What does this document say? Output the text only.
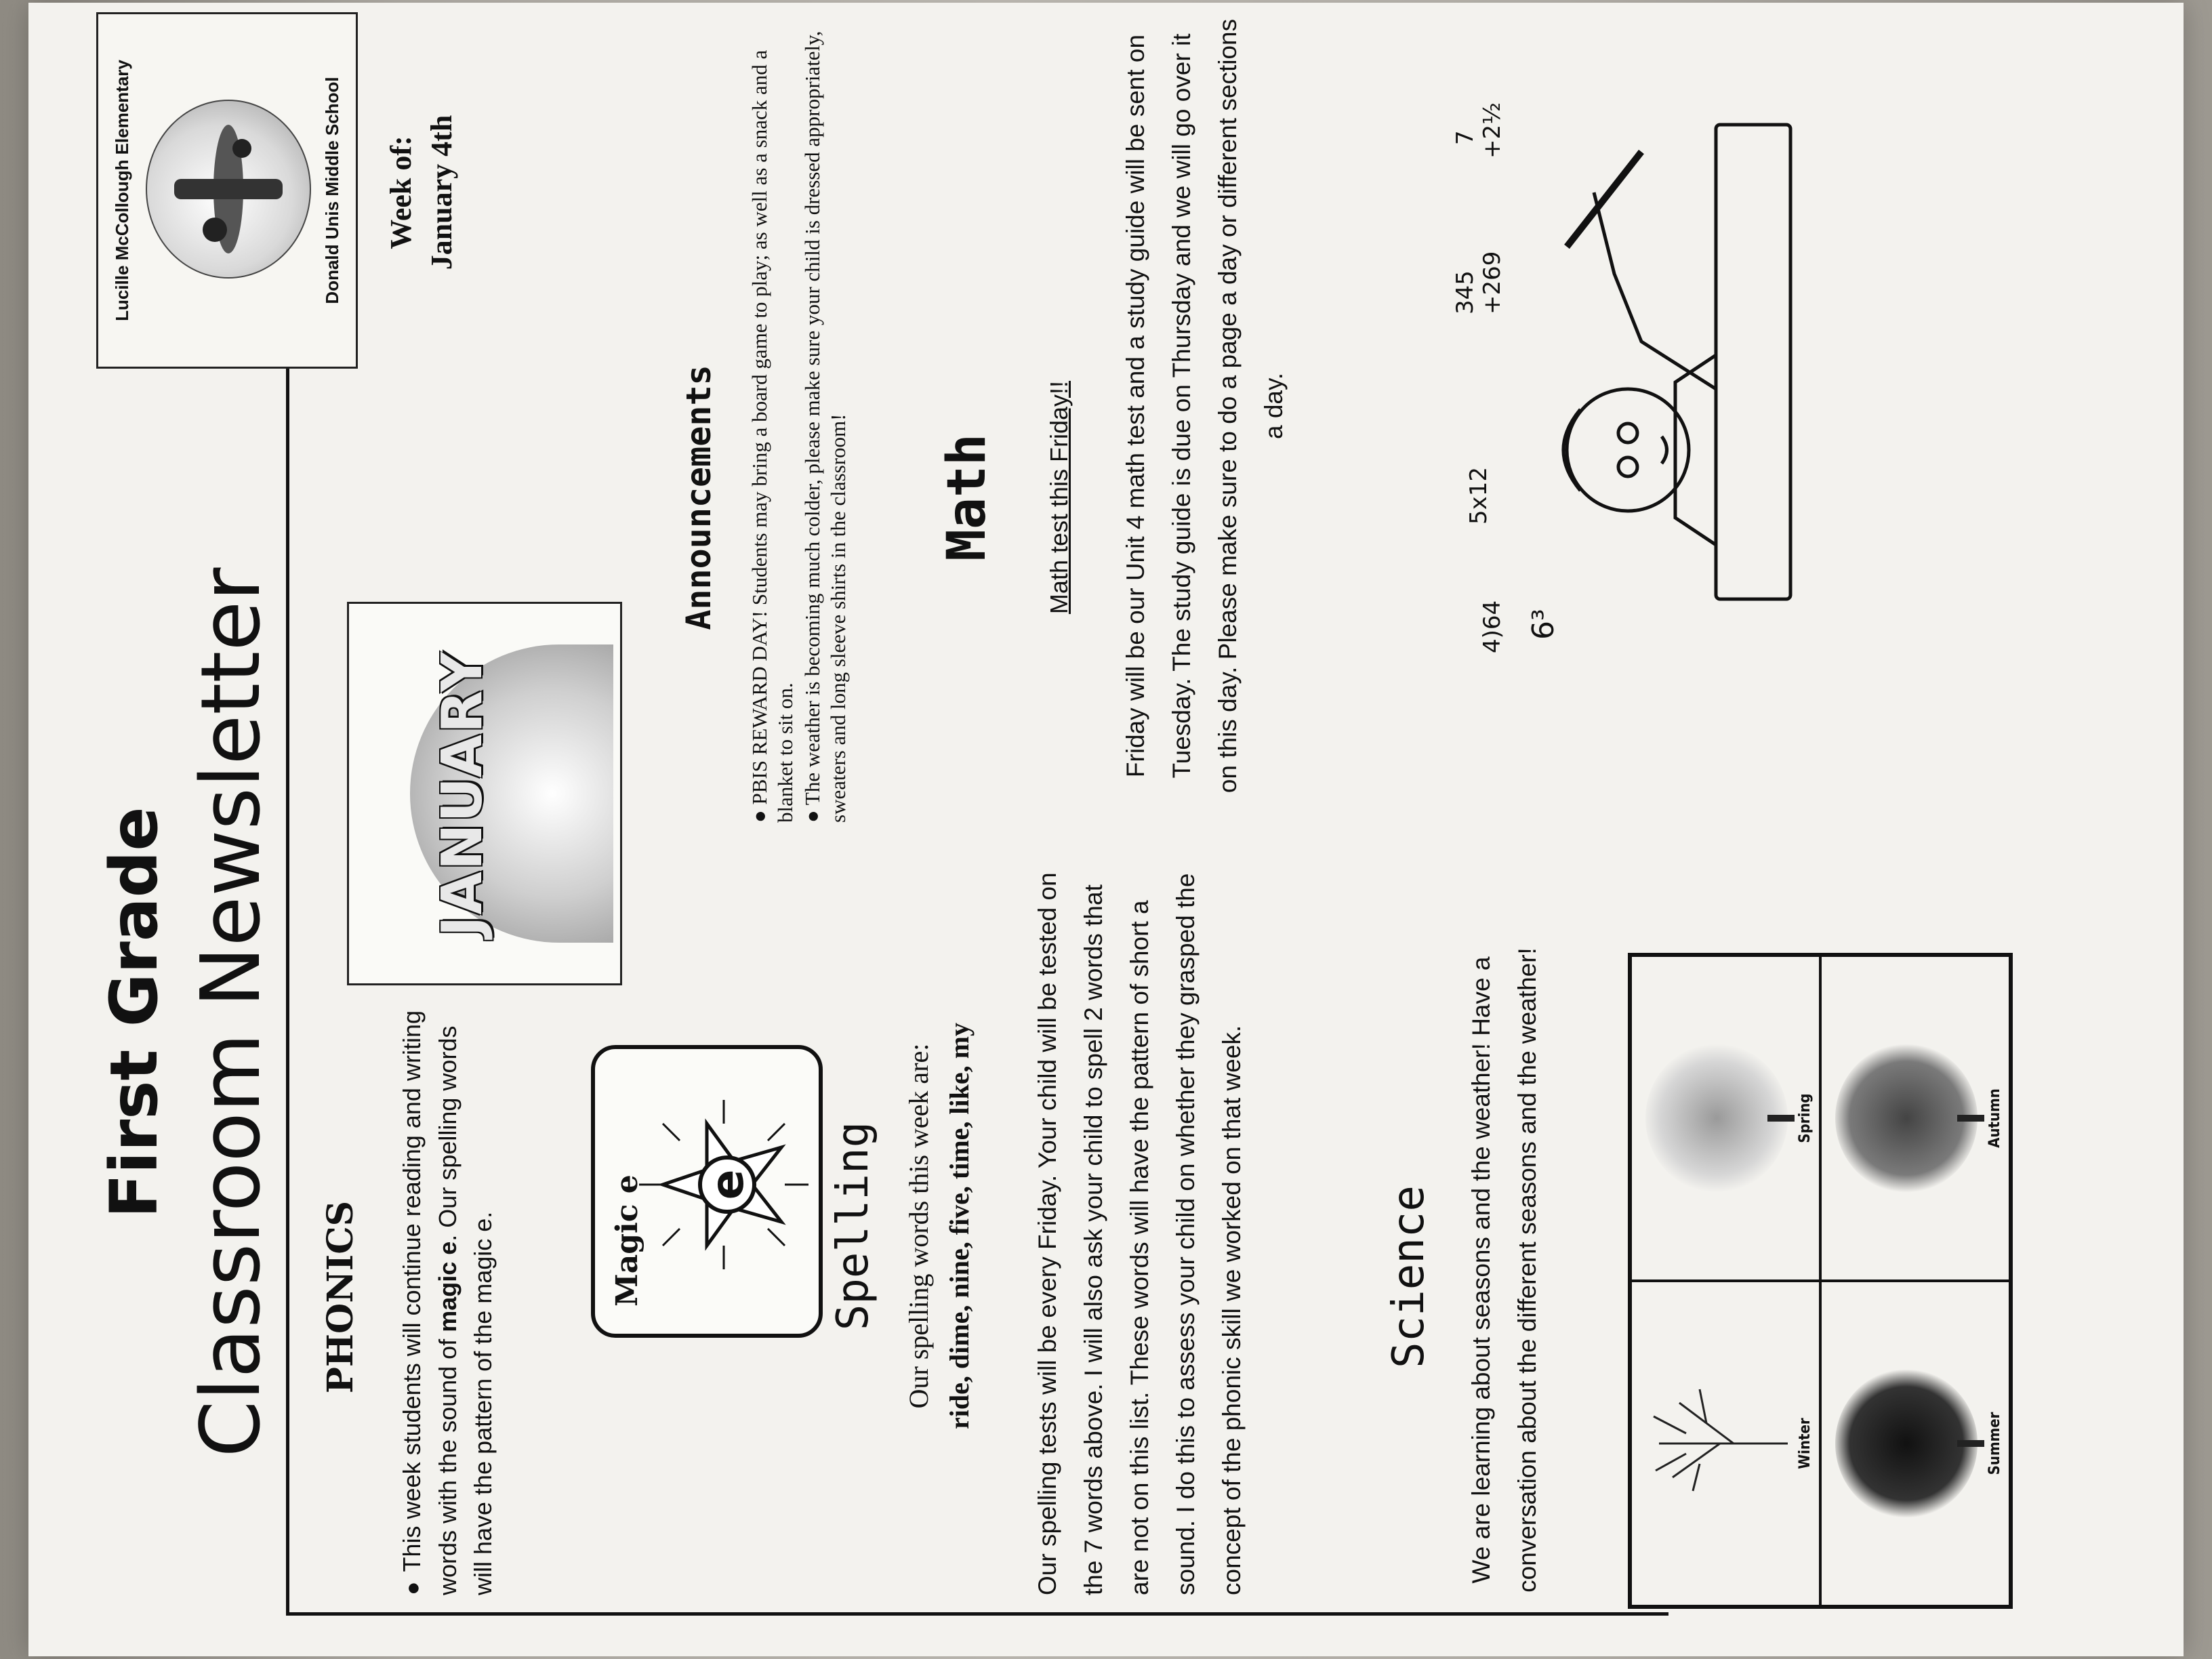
First Grade Classroom Newsletter
Lucille McCollough Elementary	Donald Unis Middle School Week of: January 4th
PHONICS
●This week students will continue reading and writing words with the sound of magic e. Our spelling words will have the pattern of the magic e.	Magic e e Spelling Our spelling words this week are: ride, dime, nine, five, time, like, my	Our spelling tests will be every Friday. Your child will be tested on the 7 words above. I will also ask your child to spell 2 words that are not on this list. These words will have the pattern of short a sound. I do this to assess your child on whether they grasped the concept of the phonic skill we worked on that week.	Science	We are learning about seasons and the weather! Have a conversation about the different seasons and the weather!	Winter
Spring
Summer
Autumn
JANUARY
Announcements
● PBIS REWARD DAY! Students may bring a board game to play; as well as a snack and a blanket to sit on. ● The weather is becoming much colder, please make sure your child is dressed appropriately, sweaters and long sleeve shirts in the classroom! Math Math test this Friday!!	Friday will be our Unit 4 math test and a study guide will be sent on Tuesday. The study guide is due on Thursday and we will go over it on this day. Please make sure to do a page a day or different sections a day.
4)64 6³
5x12
345 +269
7 +2½
